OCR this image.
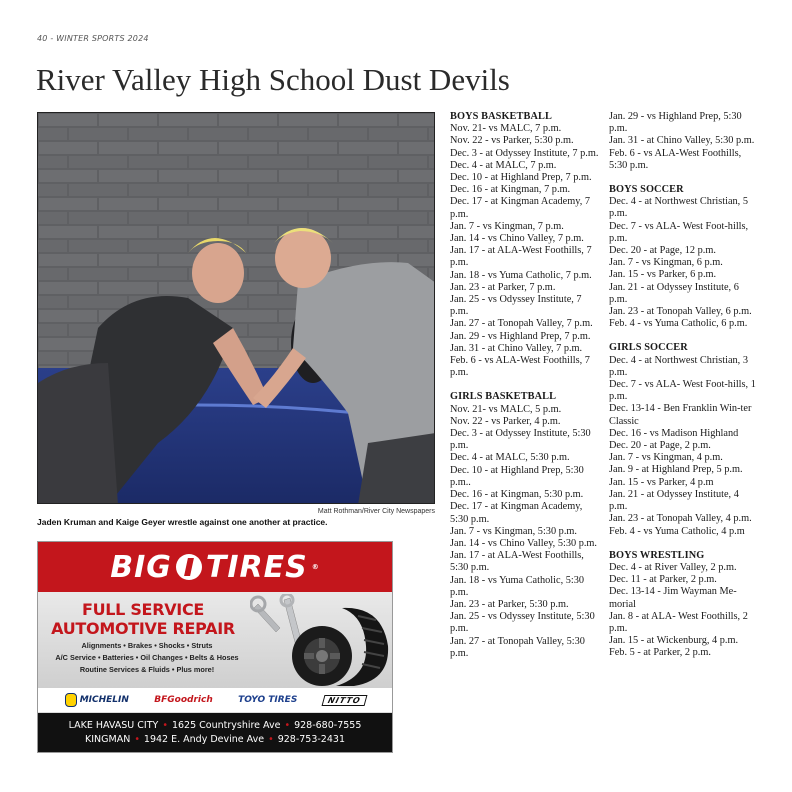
40 - WINTER SPORTS 2024
River Valley High School Dust Devils
Matt Rothman/River City Newspapers
Jaden Kruman and Kaige Geyer wrestle against one another at practice.
BIG TIRES ®
FULL SERVICE
AUTOMOTIVE REPAIR
Alignments • Brakes • Shocks • Struts
A/C Service • Batteries • Oil Changes • Belts & Hoses
Routine Services & Fluids • Plus more!
MICHELIN	BFGoodrich	TOYO TIRES	NITTO
LAKE HAVASU CITY • 1625 Countryshire Ave • 928-680-7555
KINGMAN • 1942 E. Andy Devine Ave • 928-753-2431
BOYS BASKETBALL
Nov. 21- vs MALC, 7 p.m.
Nov. 22 - vs Parker, 5:30 p.m.
Dec. 3 - at Odyssey Institute, 7 p.m.
Dec. 4 - at MALC, 7 p.m.
Dec. 10 - at Highland Prep, 7 p.m.
Dec. 16 - at Kingman, 7 p.m.
Dec. 17 - at Kingman Academy, 7 p.m.
Jan. 7 - vs Kingman, 7 p.m.
Jan. 14 - vs Chino Valley, 7 p.m.
Jan. 17 - at ALA-West Foothills, 7 p.m.
Jan. 18 - vs Yuma Catholic, 7 p.m.
Jan. 23 - at Parker, 7 p.m.
Jan. 25 - vs Odyssey Institute, 7 p.m.
Jan. 27 - at Tonopah Valley, 7 p.m.
Jan. 29 - vs Highland Prep, 7 p.m.
Jan. 31 - at Chino Valley, 7 p.m.
Feb. 6 - vs ALA-West Foothills, 7 p.m.
GIRLS BASKETBALL
Nov. 21- vs MALC, 5 p.m.
Nov. 22 - vs Parker, 4 p.m.
Dec. 3 - at Odyssey Institute, 5:30 p.m.
Dec. 4 - at MALC, 5:30 p.m.
Dec. 10 - at Highland Prep, 5:30 p.m..
Dec. 16 - at Kingman, 5:30 p.m.
Dec. 17 - at Kingman Academy, 5:30 p.m.
Jan. 7 - vs Kingman, 5:30 p.m.
Jan. 14 - vs Chino Valley, 5:30 p.m.
Jan. 17 - at ALA-West Foothills, 5:30 p.m.
Jan. 18 - vs Yuma Catholic, 5:30 p.m.
Jan. 23 - at Parker, 5:30 p.m.
Jan. 25 - vs Odyssey Institute, 5:30 p.m.
Jan. 27 - at Tonopah Valley, 5:30 p.m.
Jan. 29 - vs Highland Prep, 5:30 p.m.
Jan. 31 - at Chino Valley, 5:30 p.m.
Feb. 6 - vs ALA-West Foothills, 5:30 p.m.
BOYS SOCCER
Dec. 4 - at Northwest Christian, 5 p.m.
Dec. 7 - vs ALA- West Foot-hills, p.m.
Dec. 20 - at Page, 12 p.m.
Jan. 7 - vs Kingman, 6 p.m.
Jan. 15 - vs Parker, 6 p.m.
Jan. 21 - at Odyssey Institute, 6 p.m.
Jan. 23 - at Tonopah Valley, 6 p.m.
Feb. 4 - vs Yuma Catholic, 6 p.m.
GIRLS SOCCER
Dec. 4 - at Northwest Christian, 3 p.m.
Dec. 7 - vs ALA- West Foot-hills, 1 p.m.
Dec. 13-14 - Ben Franklin Win-ter Classic
Dec. 16 - vs Madison Highland
Dec. 20 - at Page, 2 p.m.
Jan. 7 - vs Kingman, 4 p.m.
Jan. 9 - at Highland Prep, 5 p.m.
Jan. 15 - vs Parker, 4 p.m
Jan. 21 - at Odyssey Institute, 4 p.m.
Jan. 23 - at Tonopah Valley, 4 p.m.
Feb. 4 - vs Yuma Catholic, 4 p.m
BOYS WRESTLING
Dec. 4 - at River Valley, 2 p.m.
Dec. 11 - at Parker, 2 p.m.
Dec. 13-14 - Jim Wayman Me-morial
Jan. 8 - at ALA- West Foothills, 2 p.m.
Jan. 15 - at Wickenburg, 4 p.m.
Feb. 5 - at Parker, 2 p.m.
